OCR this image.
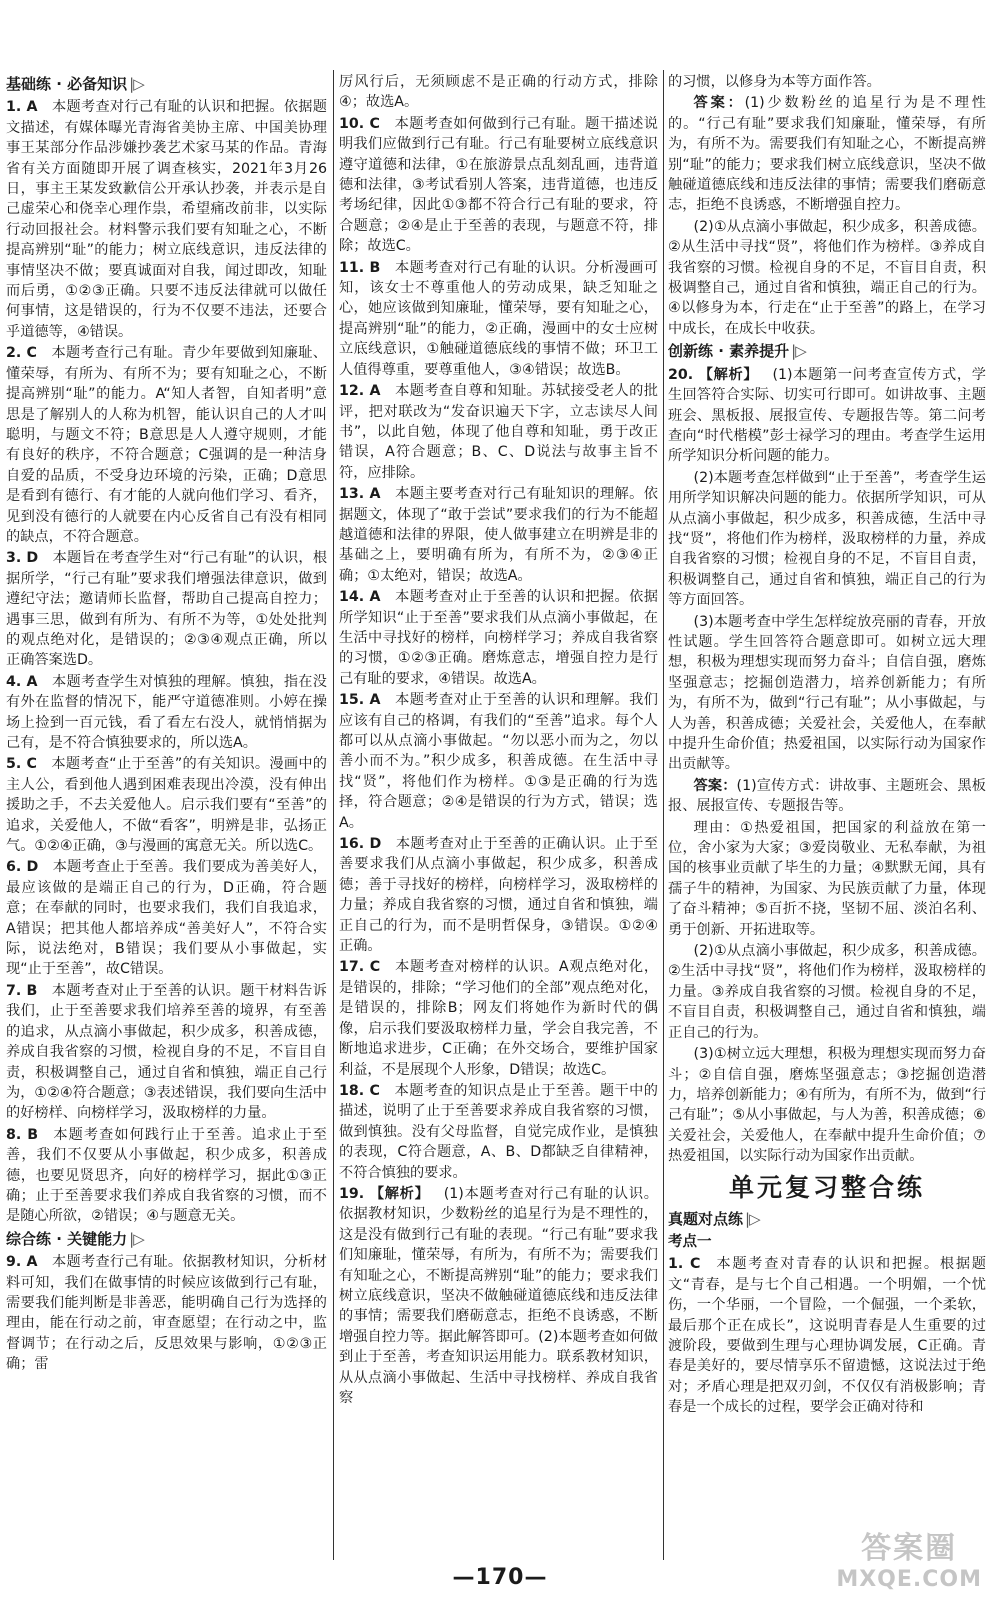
基础练 · 必备知识 |▷

1. A  本题考查对行己有耻的认识和把握。依据题文描述，有媒体曝光青海省美协主席、中国美协理事王某部分作品涉嫌抄袭艺术家马某的作品。青海省有关方面随即开展了调查核实，2021年3月26日，事主王某发致歉信公开承认抄袭，并表示是自己虚荣心和侥幸心理作祟，希望痛改前非，以实际行动回报社会。材料警示我们要有知耻之心，不断提高辨别“耻”的能力；树立底线意识，违反法律的事情坚决不做；要真诚面对自我，闻过即改，知耻而后勇，①②③正确。只要不违反法律就可以做任何事情，这是错误的，行为不仅要不违法，还要合乎道德等，④错误。

2. C  本题考查行己有耻。青少年要做到知廉耻、懂荣辱，有所为、有所不为；要有知耻之心，不断提高辨别“耻”的能力。A“知人者智，自知者明”意思是了解别人的人称为机智，能认识自己的人才叫聪明，与题文不符；B意思是人人遵守规则，才能有良好的秩序，不符合题意；C强调的是一种洁身自爱的品质，不受身边环境的污染，正确；D意思是看到有德行、有才能的人就向他们学习、看齐，见到没有德行的人就要在内心反省自己有没有相同的缺点，不符合题意。

3. D  本题旨在考查学生对“行己有耻”的认识，根据所学，“行己有耻”要求我们增强法律意识，做到遵纪守法；邀请师长监督，帮助自己提高自控力；遇事三思，做到有所为、有所不为等，①处处批判的观点绝对化，是错误的；②③④观点正确，所以正确答案选D。

4. A  本题考查学生对慎独的理解。慎独，指在没有外在监督的情况下，能严守道德准则。小婷在操场上捡到一百元钱，看了看左右没人，就悄悄据为己有，是不符合慎独要求的，所以选A。

5. C  本题考查“止于至善”的有关知识。漫画中的主人公，看到他人遇到困难表现出冷漠，没有伸出援助之手，不去关爱他人。启示我们要有“至善”的追求，关爱他人，不做“看客”，明辨是非，弘扬正气。①②④正确，③与漫画的寓意无关。所以选C。

6. D  本题考查止于至善。我们要成为善美好人，最应该做的是端正自己的行为，D正确，符合题意；在奉献的同时，也要求我们，我们自我追求，A错误；把其他人都培养成“善美好人”，不符合实际，说法绝对，B错误；我们要从小事做起，实现“止于至善”，故C错误。

7. B  本题考查对止于至善的认识。题干材料告诉我们，止于至善要求我们培养至善的境界，有至善的追求，从点滴小事做起，积少成多，积善成德，养成自我省察的习惯，检视自身的不足，不盲目自责，积极调整自己，通过自省和慎独，端正自己行为，①②④符合题意；③表述错误，我们要向生活中的好榜样、向榜样学习，汲取榜样的力量。

8. B  本题考查如何践行止于至善。追求止于至善，我们不仅要从小事做起，积少成多，积善成德，也要见贤思齐，向好的榜样学习，据此①③正确；止于至善要求我们养成自我省察的习惯，而不是随心所欲，②错误；④与题意无关。

综合练 · 关键能力 |▷

9. A  本题考查行己有耻。依据教材知识，分析材料可知，我们在做事情的时候应该做到行己有耻，需要我们能判断是非善恶，能明确自己行为选择的理由，能在行动之前，审查愿望；在行动之中，监督调节；在行动之后，反思效果与影响，①②③正确；雷

厉风行后，无须顾虑不是正确的行动方式，排除④；故选A。

10. C  本题考查如何做到行己有耻。题干描述说明我们应做到行己有耻。行己有耻要树立底线意识遵守道德和法律，①在旅游景点乱刻乱画，违背道德和法律，③考试看别人答案，违背道德，也违反考场纪律，因此①③都不符合行己有耻的要求，符合题意；②④是止于至善的表现，与题意不符，排除；故选C。

11. B  本题考查对行己有耻的认识。分析漫画可知，该女士不尊重他人的劳动成果，缺乏知耻之心，她应该做到知廉耻，懂荣辱，要有知耻之心，提高辨别“耻”的能力，②正确，漫画中的女士应树立底线意识，①触碰道德底线的事情不做；环卫工人值得尊重，要尊重他人，③④错误；故选B。

12. A  本题考查自尊和知耻。苏轼接受老人的批评，把对联改为“发奋识遍天下字，立志读尽人间书”，以此自勉，体现了他自尊和知耻，勇于改正错误，A符合题意；B、C、D说法与故事主旨不符，应排除。

13. A  本题主要考查对行己有耻知识的理解。依据题文，体现了“敢于尝试”要求我们的行为不能超越道德和法律的界限，使人做事建立在明辨是非的基础之上，要明确有所为，有所不为，②③④正确；①太绝对，错误；故选A。

14. A  本题考查对止于至善的认识和把握。依据所学知识“止于至善”要求我们从点滴小事做起，在生活中寻找好的榜样，向榜样学习；养成自我省察的习惯，①②③正确。磨炼意志，增强自控力是行己有耻的要求，④错误。故选A。

15. A  本题考查对止于至善的认识和理解。我们应该有自己的格调，有我们的“至善”追求。每个人都可以从点滴小事做起。“勿以恶小而为之，勿以善小而不为。”积少成多，积善成德。在生活中寻找“贤”，将他们作为榜样。①③是正确的行为选择，符合题意；②④是错误的行为方式，错误；选A。

16. D  本题考查对止于至善的正确认识。止于至善要求我们从点滴小事做起，积少成多，积善成德；善于寻找好的榜样，向榜样学习，汲取榜样的力量；养成自我省察的习惯，通过自省和慎独，端正自己的行为，而不是明哲保身，③错误。①②④正确。

17. C  本题考查对榜样的认识。A观点绝对化，是错误的，排除；“学习他们的全部”观点绝对化，是错误的，排除B；网友们将她作为新时代的偶像，启示我们要汲取榜样力量，学会自我完善，不断地追求进步，C正确；在外交场合，要维护国家利益，不是展现个人形象，D错误；故选C。

18. C  本题考查的知识点是止于至善。题干中的描述，说明了止于至善要求养成自我省察的习惯，做到慎独。没有父母监督，自觉完成作业，是慎独的表现，C符合题意，A、B、D都缺乏自律精神，不符合慎独的要求。

19. 【解析】  (1)本题考查对行己有耻的认识。依据教材知识，少数粉丝的追星行为是不理性的，这是没有做到行己有耻的表现。“行己有耻”要求我们知廉耻，懂荣辱，有所为，有所不为；需要我们有知耻之心，不断提高辨别“耻”的能力；要求我们树立底线意识，坚决不做触碰道德底线和违反法律的事情；需要我们磨砺意志，拒绝不良诱惑，不断增强自控力等。据此解答即可。(2)本题考查如何做到止于至善，考查知识运用能力。联系教材知识，从从点滴小事做起、生活中寻找榜样、养成自我省察

的习惯，以修身为本等方面作答。
答案：(1)少数粉丝的追星行为是不理性的。“行己有耻”要求我们知廉耻，懂荣辱，有所为，有所不为。需要我们有知耻之心，不断提高辨别“耻”的能力；要求我们树立底线意识，坚决不做触碰道德底线和违反法律的事情；需要我们磨砺意志，拒绝不良诱惑，不断增强自控力。
(2)①从点滴小事做起，积少成多，积善成德。②从生活中寻找“贤”，将他们作为榜样。③养成自我省察的习惯。检视自身的不足，不盲目自责，积极调整自己，通过自省和慎独，端正自己的行为。④以修身为本，行走在“止于至善”的路上，在学习中成长，在成长中收获。
创新练 · 素养提升 |▷

20. 【解析】  (1)本题第一问考查宣传方式，学生回答符合实际、切实可行即可。如讲故事、主题班会、黑板报、展报宣传、专题报告等。第二问考查向“时代楷模”彭士禄学习的理由。考查学生运用所学知识分析问题的能力。

(2)本题考查怎样做到“止于至善”，考查学生运用所学知识解决问题的能力。依据所学知识，可从从点滴小事做起，积少成多，积善成德，生活中寻找“贤”，将他们作为榜样，汲取榜样的力量，养成自我省察的习惯；检视自身的不足，不盲目自责，积极调整自己，通过自省和慎独，端正自己的行为等方面回答。
(3)本题考查中学生怎样绽放亮丽的青春，开放性试题。学生回答符合题意即可。如树立远大理想，积极为理想实现而努力奋斗；自信自强，磨炼坚强意志；挖掘创造潜力，培养创新能力；有所为，有所不为，做到“行己有耻”；从小事做起，与人为善，积善成德；关爱社会，关爱他人，在奉献中提升生命价值；热爱祖国，以实际行动为国家作出贡献等。
答案：(1)宣传方式：讲故事、主题班会、黑板报、展报宣传、专题报告等。
理由：①热爱祖国，把国家的利益放在第一位，舍小家为大家；③爱岗敬业、无私奉献，为祖国的核事业贡献了毕生的力量；④默默无闻，具有孺子牛的精神，为国家、为民族贡献了力量，体现了奋斗精神；⑤百折不挠，坚韧不屈、淡泊名利、勇于创新、开拓进取等。
(2)①从点滴小事做起，积少成多，积善成德。②生活中寻找“贤”，将他们作为榜样，汲取榜样的力量。③养成自我省察的习惯。检视自身的不足，不盲目自责，积极调整自己，通过自省和慎独，端正自己的行为。
(3)①树立远大理想，积极为理想实现而努力奋斗；②自信自强，磨炼坚强意志；③挖掘创造潜力，培养创新能力；④有所为，有所不为，做到“行己有耻”；⑤从小事做起，与人为善，积善成德；⑥关爱社会，关爱他人，在奉献中提升生命价值；⑦热爱祖国，以实际行动为国家作出贡献。
单元复习整合练
真题对点练 |▷
考点一

1. C  本题考查对青春的认识和把握。根据题文“青春，是与七个自己相遇。一个明媚，一个忧伤，一个华丽，一个冒险，一个倔强，一个柔软，最后那个正在成长”，这说明青春是人生重要的过渡阶段，要做到生理与心理协调发展，C正确。青春是美好的，要尽情享乐不留遗憾，这说法过于绝对；矛盾心理是把双刃剑，不仅仅有消极影响；青春是一个成长的过程，要学会正确对待和

—170—
答案圈
MXQE.COM
